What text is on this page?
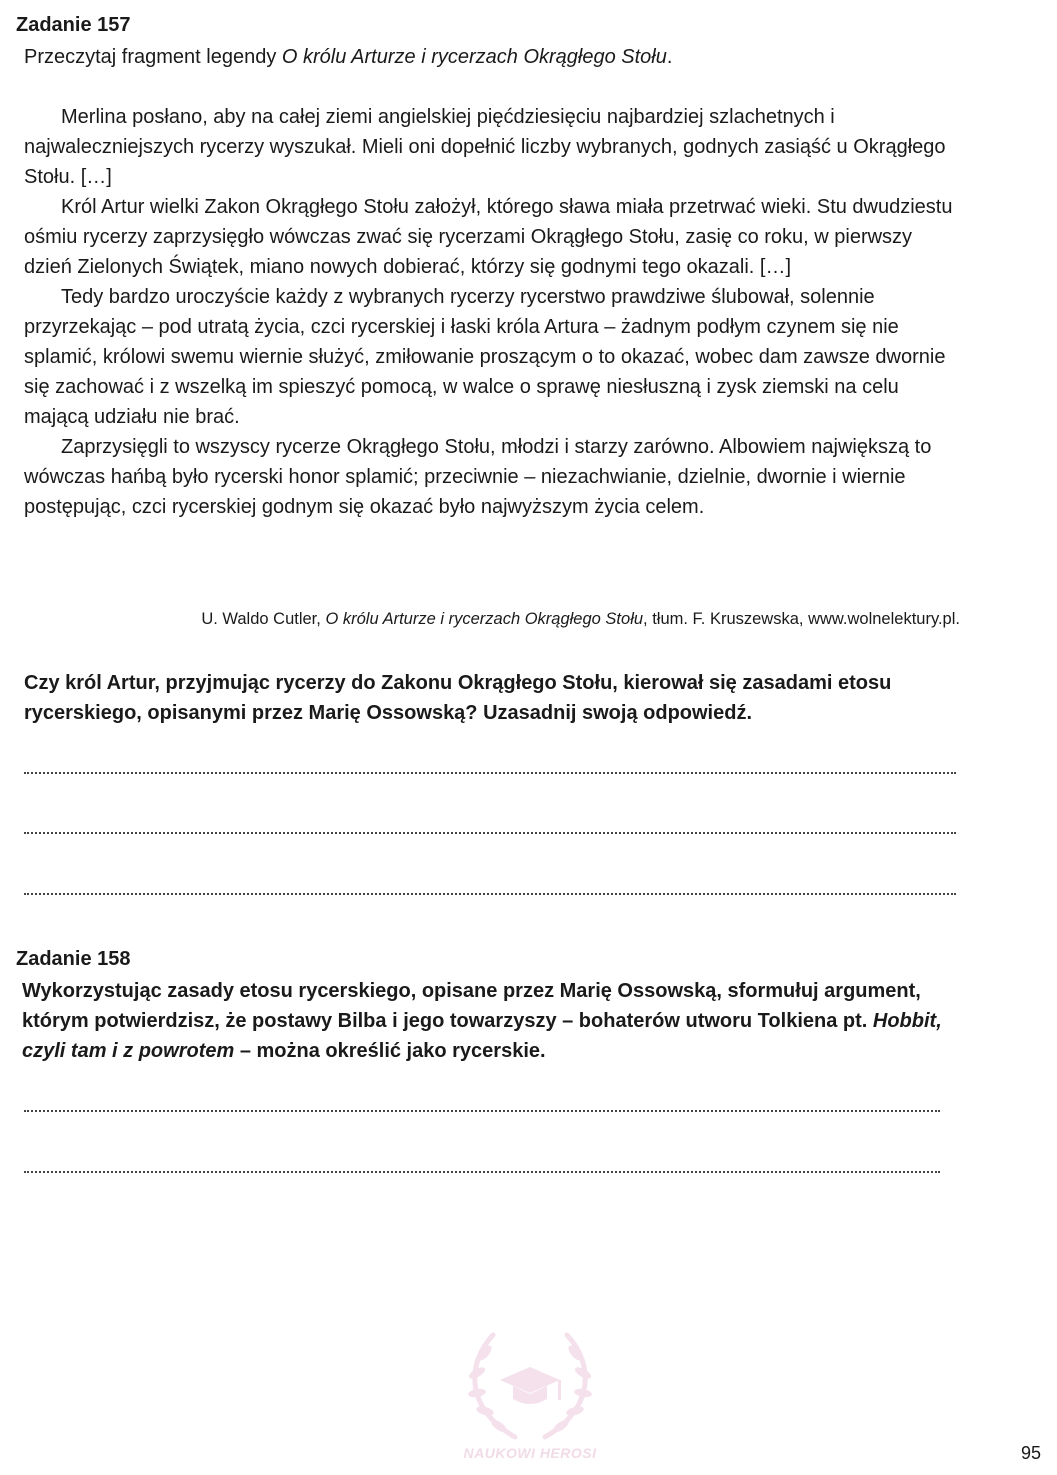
Zadanie 157
Przeczytaj fragment legendy O królu Arturze i rycerzach Okrągłego Stołu.

Merlina posłano, aby na całej ziemi angielskiej pięćdziesięciu najbardziej szlachetnych i najwaleczniejszych rycerzy wyszukał. Mieli oni dopełnić liczby wybranych, godnych zasiąść u Okrągłego Stołu. […]

Król Artur wielki Zakon Okrągłego Stołu założył, którego sława miała przetrwać wieki. Stu dwudziestu ośmiu rycerzy zaprzysięgło wówczas zwać się rycerzami Okrągłego Stołu, zasię co roku, w pierwszy dzień Zielonych Świątek, miano nowych dobierać, którzy się godnymi tego okazali. […]

Tedy bardzo uroczyście każdy z wybranych rycerzy rycerstwo prawdziwe ślubował, solennie przyrzekając – pod utratą życia, czci rycerskiej i łaski króla Artura – żadnym podłym czynem się nie splamić, królowi swemu wiernie służyć, zmiłowanie proszącym o to okazać, wobec dam zawsze dwornie się zachować i z wszelką im spieszyć pomocą, w walce o sprawę niesłuszną i zysk ziemski na celu mającą udziału nie brać.

Zaprzysięgli to wszyscy rycerze Okrągłego Stołu, młodzi i starzy zarówno. Albowiem największą to wówczas hańbą było rycerski honor splamić; przeciwnie – niezachwianie, dzielnie, dwornie i wiernie postępując, czci rycerskiej godnym się okazać było najwyższym życia celem.

U. Waldo Cutler, O królu Arturze i rycerzach Okrągłego Stołu, tłum. F. Kruszewska, www.wolnelektury.pl.
Czy król Artur, przyjmując rycerzy do Zakonu Okrągłego Stołu, kierował się zasadami etosu rycerskiego, opisanymi przez Marię Ossowską? Uzasadnij swoją odpowiedź.
Zadanie 158
Wykorzystując zasady etosu rycerskiego, opisane przez Marię Ossowską, sformułuj argument, którym potwierdzisz, że postawy Bilba i jego towarzyszy – bohaterów utworu Tolkiena pt. Hobbit, czyli tam i z powrotem – można określić jako rycerskie.
NAUKOWI HEROSI	95
